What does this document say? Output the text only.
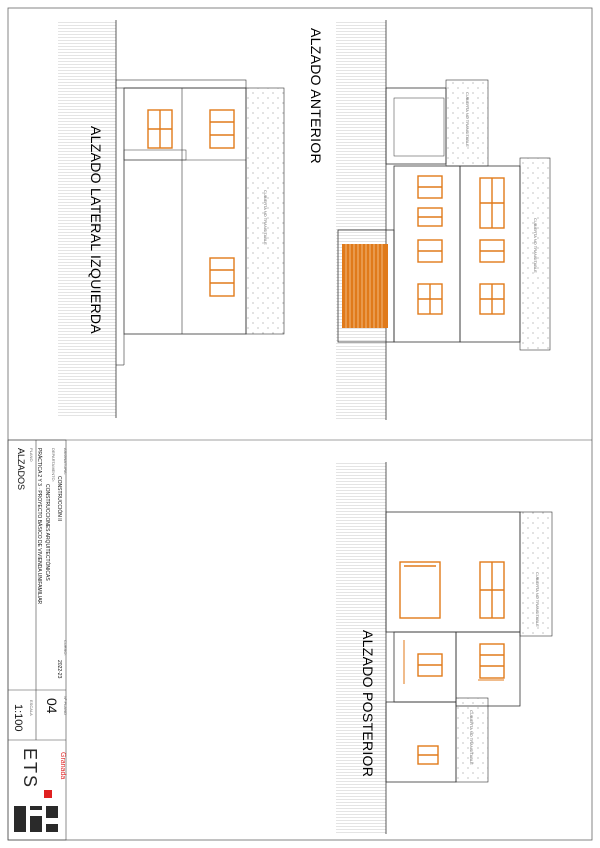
ALZADO LATERAL IZQUIERDA
ALZADO ANTERIOR
ALZADO POSTERIOR
CUBIERTA NO TRANSITABLE
CUBIERTA NO TRANSITABLE
CUBIERTA NO TRANSITABLE
CUBIERTA NO TRANSITABLE
CUBIERTA NO TRANSITABLE
ASIGNATURA:
CONSTRUCCIÓN II
DEPARTAMENTO:
CONSTRUCCIONES ARQUITECTÓNICAS
PRÁCTICA 2 Y 3 · PROYECTO BÁSICO DE VIVIENDA UNIFAMILIAR
CURSO:
2022-23
PLANO
ALZADOS
Nº PLANO
04
ESCALA
1:100
Granada
ETS
